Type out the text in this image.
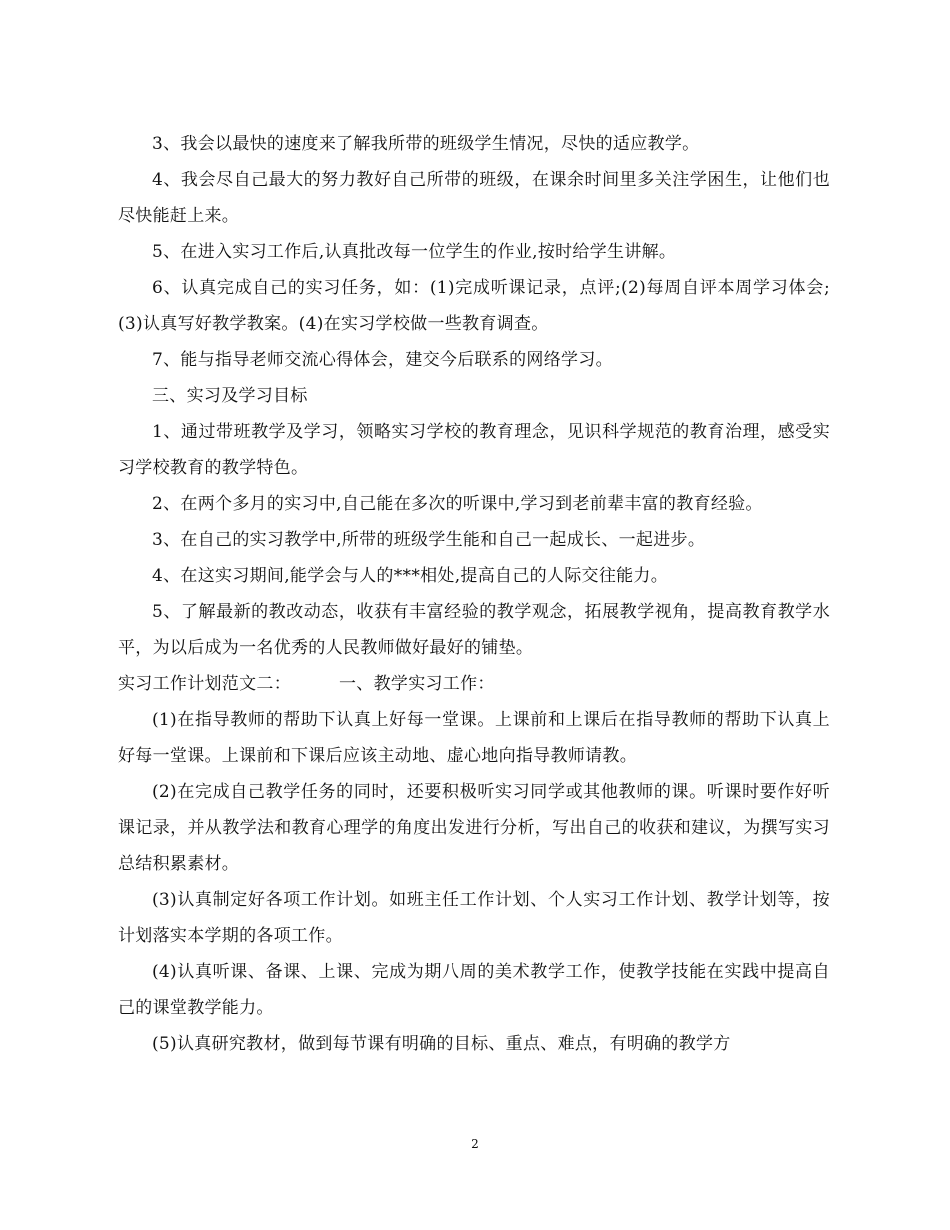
3、我会以最快的速度来了解我所带的班级学生情况，尽快的适应教学。

4、我会尽自己最大的努力教好自己所带的班级，在课余时间里多关注学困生，让他们也尽快能赶上来。

5、在进入实习工作后,认真批改每一位学生的作业,按时给学生讲解。

6、认真完成自己的实习任务，如：(1)完成听课记录，点评;(2)每周自评本周学习体会;(3)认真写好教学教案。(4)在实习学校做一些教育调查。

7、能与指导老师交流心得体会，建交今后联系的网络学习。

三、实习及学习目标

1、通过带班教学及学习，领略实习学校的教育理念，见识科学规范的教育治理，感受实习学校教育的教学特色。

2、在两个多月的实习中,自己能在多次的听课中,学习到老前辈丰富的教育经验。

3、在自己的实习教学中,所带的班级学生能和自己一起成长、一起进步。

4、在这实习期间,能学会与人的***相处,提高自己的人际交往能力。

5、了解最新的教改动态，收获有丰富经验的教学观念，拓展教学视角，提高教育教学水平，为以后成为一名优秀的人民教师做好最好的铺垫。

实习工作计划范文二：	一、教学实习工作：

(1)在指导教师的帮助下认真上好每一堂课。上课前和上课后在指导教师的帮助下认真上好每一堂课。上课前和下课后应该主动地、虚心地向指导教师请教。

(2)在完成自己教学任务的同时，还要积极听实习同学或其他教师的课。听课时要作好听课记录，并从教学法和教育心理学的角度出发进行分析，写出自己的收获和建议，为撰写实习总结积累素材。

(3)认真制定好各项工作计划。如班主任工作计划、个人实习工作计划、教学计划等，按计划落实本学期的各项工作。

(4)认真听课、备课、上课、完成为期八周的美术教学工作，使教学技能在实践中提高自己的课堂教学能力。

(5)认真研究教材，做到每节课有明确的目标、重点、难点，有明确的教学方

2
